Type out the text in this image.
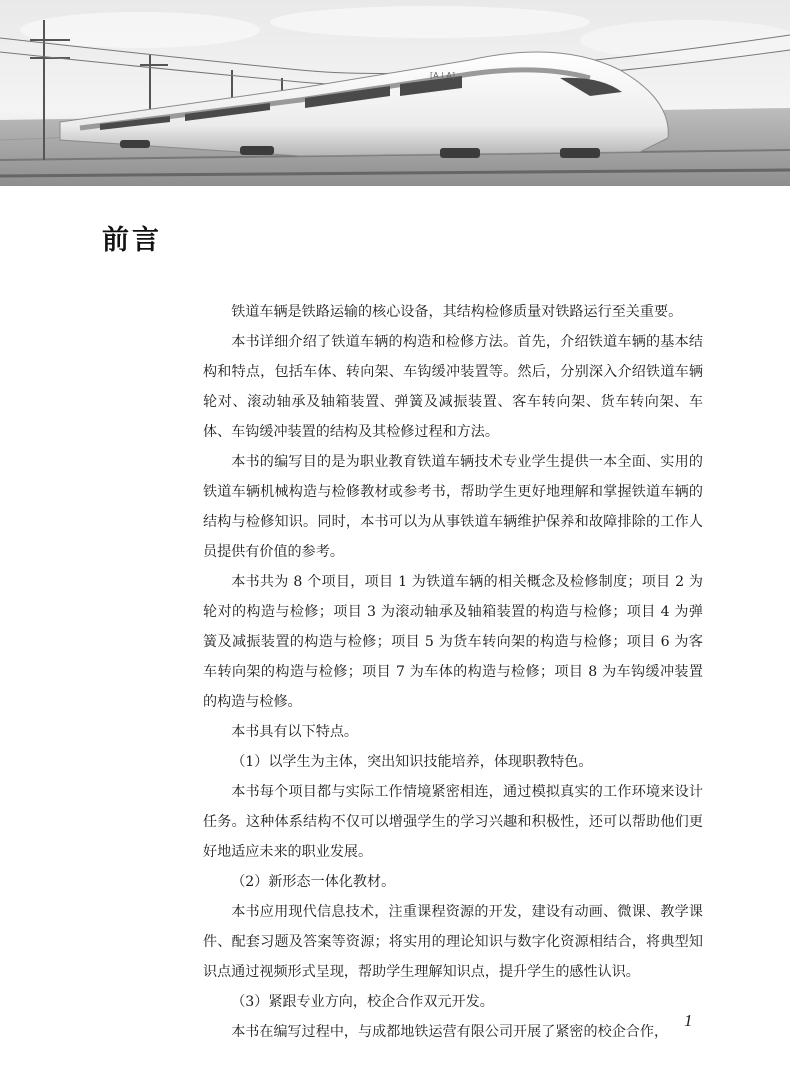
[A | A]
前言

铁道车辆是铁路运输的核心设备，其结构检修质量对铁路运行至关重要。

本书详细介绍了铁道车辆的构造和检修方法。首先，介绍铁道车辆的基本结构和特点，包括车体、转向架、车钩缓冲装置等。然后，分别深入介绍铁道车辆轮对、滚动轴承及轴箱装置、弹簧及减振装置、客车转向架、货车转向架、车体、车钩缓冲装置的结构及其检修过程和方法。

本书的编写目的是为职业教育铁道车辆技术专业学生提供一本全面、实用的铁道车辆机械构造与检修教材或参考书，帮助学生更好地理解和掌握铁道车辆的结构与检修知识。同时，本书可以为从事铁道车辆维护保养和故障排除的工作人员提供有价值的参考。

本书共为 8 个项目，项目 1 为铁道车辆的相关概念及检修制度；项目 2 为轮对的构造与检修；项目 3 为滚动轴承及轴箱装置的构造与检修；项目 4 为弹簧及减振装置的构造与检修；项目 5 为货车转向架的构造与检修；项目 6 为客车转向架的构造与检修；项目 7 为车体的构造与检修；项目 8 为车钩缓冲装置的构造与检修。

本书具有以下特点。

（1）以学生为主体，突出知识技能培养，体现职教特色。

本书每个项目都与实际工作情境紧密相连，通过模拟真实的工作环境来设计任务。这种体系结构不仅可以增强学生的学习兴趣和积极性，还可以帮助他们更好地适应未来的职业发展。

（2）新形态一体化教材。

本书应用现代信息技术，注重课程资源的开发，建设有动画、微课、教学课件、配套习题及答案等资源；将实用的理论知识与数字化资源相结合，将典型知识点通过视频形式呈现，帮助学生理解知识点，提升学生的感性认识。

（3）紧跟专业方向，校企合作双元开发。

本书在编写过程中，与成都地铁运营有限公司开展了紧密的校企合作，

1
